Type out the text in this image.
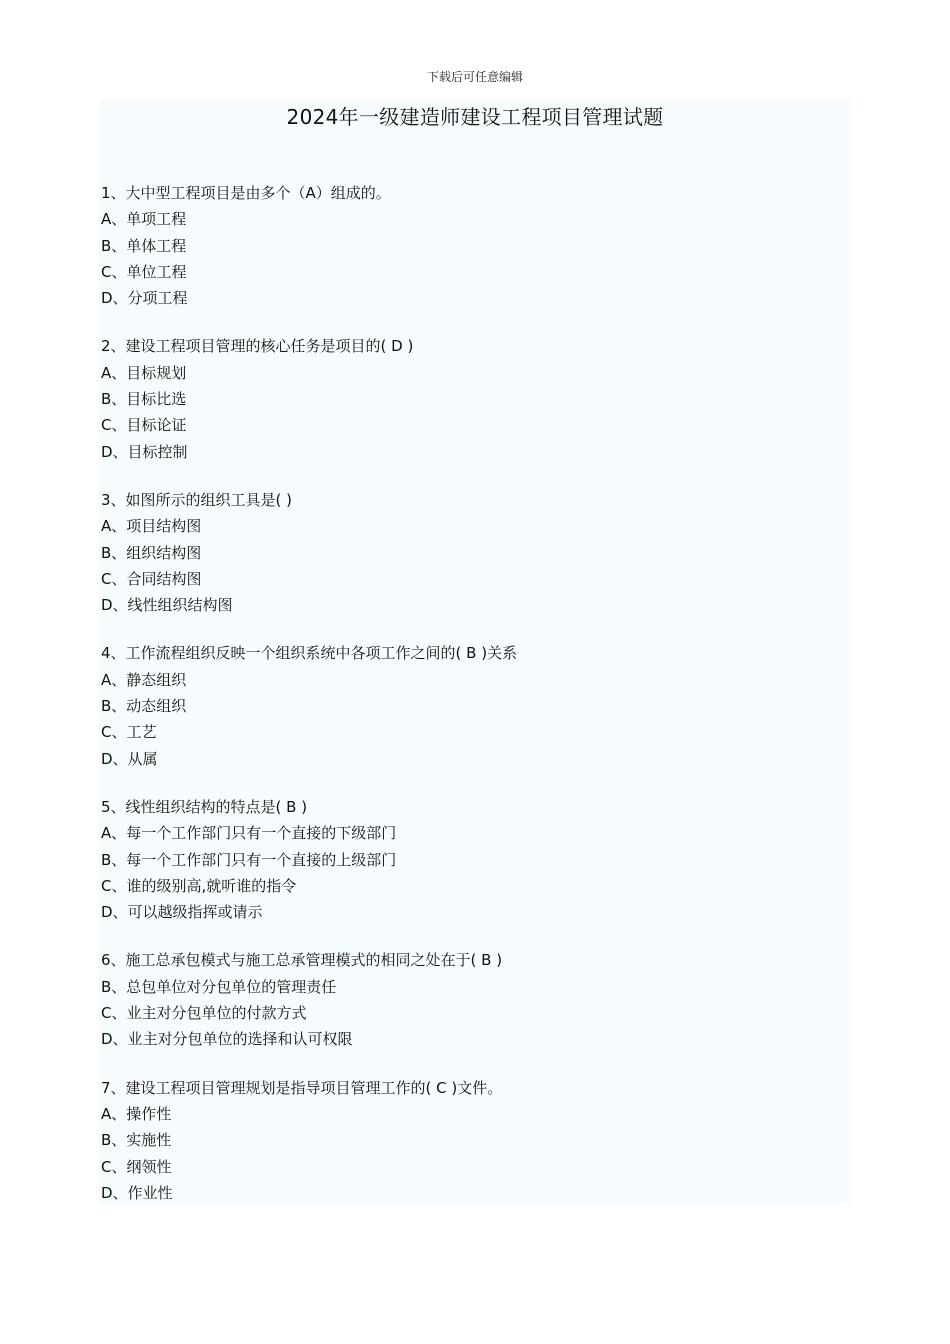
下载后可任意编辑
2024年一级建造师建设工程项目管理试题
1、大中型工程项目是由多个（A）组成的。
A、单项工程
B、单体工程
C、单位工程
D、分项工程
2、建设工程项目管理的核心任务是项目的( D )
A、目标规划
B、目标比选
C、目标论证
D、目标控制
3、如图所示的组织工具是( )
A、项目结构图
B、组织结构图
C、合同结构图
D、线性组织结构图
4、工作流程组织反映一个组织系统中各项工作之间的( B )关系
A、静态组织
B、动态组织
C、工艺
D、从属
5、线性组织结构的特点是( B )
A、每一个工作部门只有一个直接的下级部门
B、每一个工作部门只有一个直接的上级部门
C、谁的级别高,就听谁的指令
D、可以越级指挥或请示
6、施工总承包模式与施工总承管理模式的相同之处在于( B )
B、总包单位对分包单位的管理责任
C、业主对分包单位的付款方式
D、业主对分包单位的选择和认可权限
7、建设工程项目管理规划是指导项目管理工作的( C )文件。
A、操作性
B、实施性
C、纲领性
D、作业性
